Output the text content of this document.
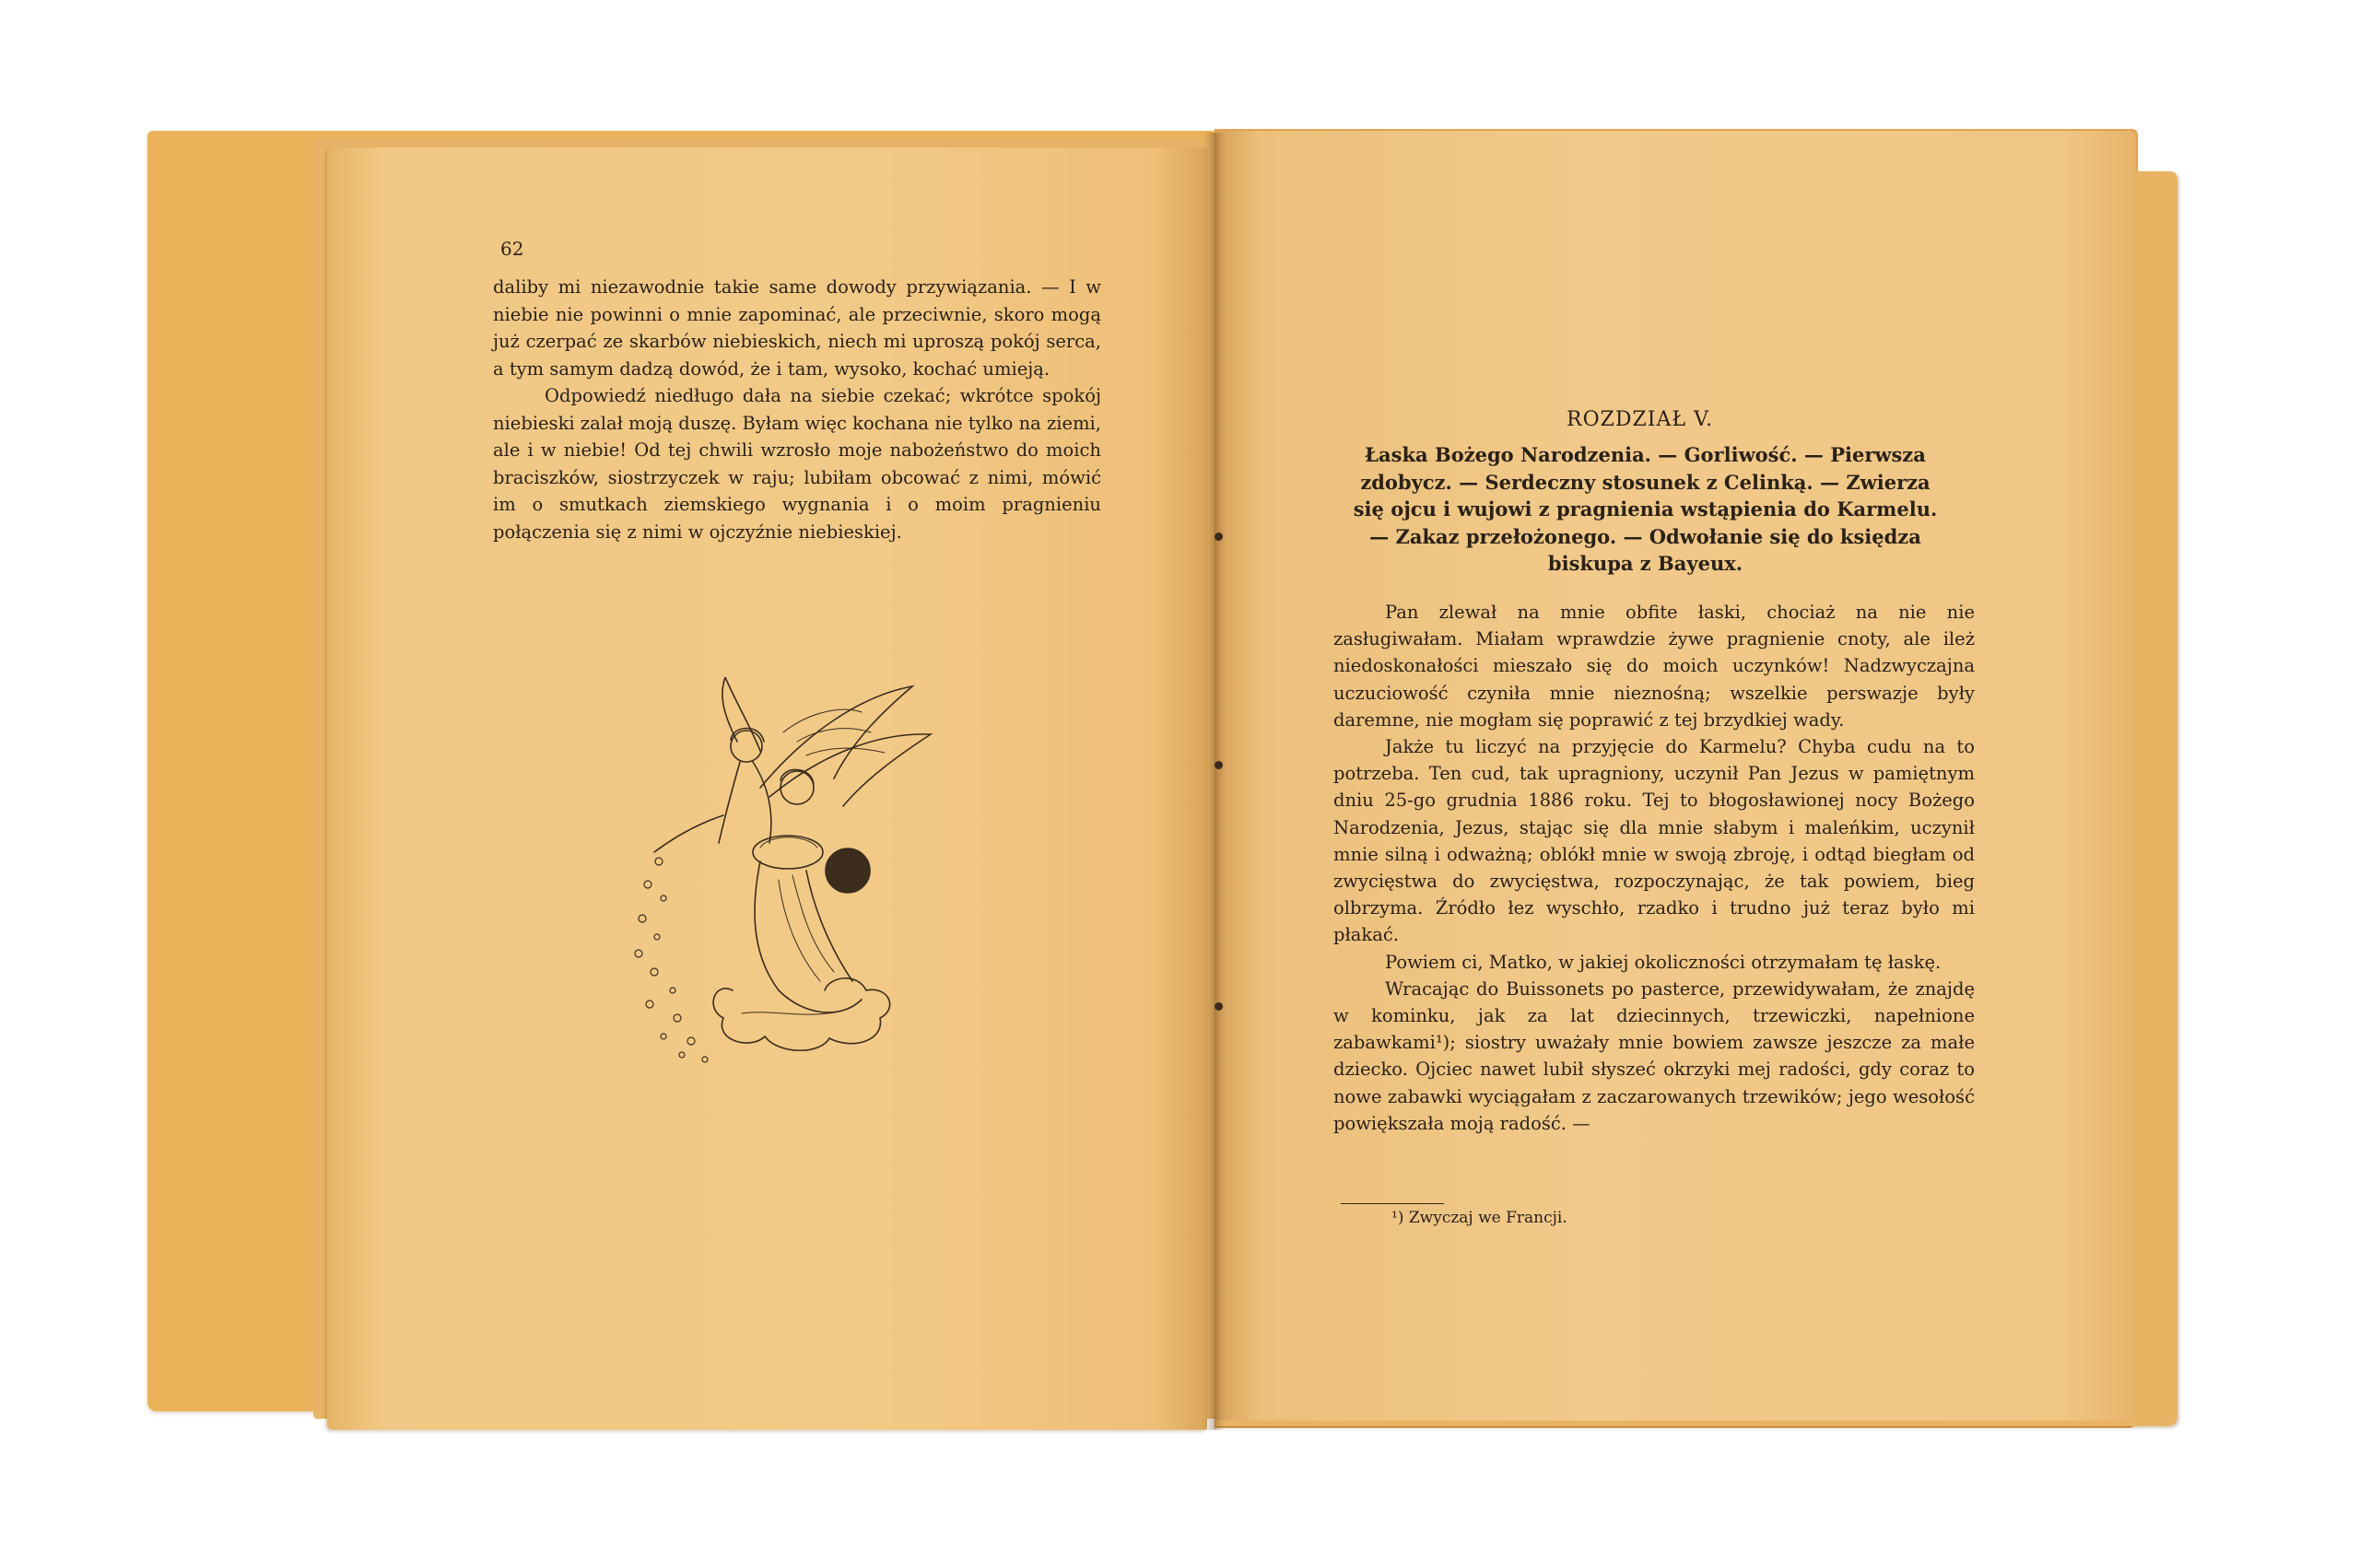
62

daliby mi niezawodnie takie same dowody przywiązania. — I w niebie nie powinni o mnie zapominać, ale przeciwnie, skoro mogą już czerpać ze skarbów niebieskich, niech mi uproszą pokój serca, a tym samym dadzą dowód, że i tam, wysoko, kochać umieją.

Odpowiedź niedługo dała na siebie czekać; wkrótce spokój niebieski zalał moją duszę. Byłam więc kochana nie tylko na ziemi, ale i w niebie! Od tej chwili wzrosło moje nabożeństwo do moich braciszków, siostrzyczek w raju; lubiłam obcować z nimi, mówić im o smutkach ziemskiego wygnania i o moim pragnieniu połączenia się z nimi w ojczyźnie niebieskiej.

ROZDZIAŁ V.
Łaska Bożego Narodzenia. — Gorliwość. — Pierwsza zdobycz. — Serdeczny stosunek z Celinką. — Zwierza się ojcu i wujowi z pragnienia wstąpienia do Karmelu. — Zakaz przełożonego. — Odwołanie się do księdza biskupa z Bayeux.

Pan zlewał na mnie obfite łaski, chociaż na nie nie zasługiwałam. Miałam wprawdzie żywe pragnienie cnoty, ale ileż niedoskonałości mieszało się do moich uczynków! Nadzwyczajna uczuciowość czyniła mnie nieznośną; wszelkie perswazje były daremne, nie mogłam się poprawić z tej brzydkiej wady.

Jakże tu liczyć na przyjęcie do Karmelu? Chyba cudu na to potrzeba. Ten cud, tak upragniony, uczynił Pan Jezus w pamiętnym dniu 25-go grudnia 1886 roku. Tej to błogosławionej nocy Bożego Narodzenia, Jezus, stając się dla mnie słabym i maleńkim, uczynił mnie silną i odważną; oblókł mnie w swoją zbroję, i odtąd biegłam od zwycięstwa do zwycięstwa, rozpoczynając, że tak powiem, bieg olbrzyma. Źródło łez wyschło, rzadko i trudno już teraz było mi płakać.

Powiem ci, Matko, w jakiej okoliczności otrzymałam tę łaskę.

Wracając do Buissonets po pasterce, przewidywałam, że znajdę w kominku, jak za lat dziecinnych, trzewiczki, napełnione zabawkami¹); siostry uważały mnie bowiem zawsze jeszcze za małe dziecko. Ojciec nawet lubił słyszeć okrzyki mej radości, gdy coraz to nowe zabawki wyciągałam z zaczarowanych trzewików; jego wesołość powiększała moją radość. —

¹) Zwyczaj we Francji.
